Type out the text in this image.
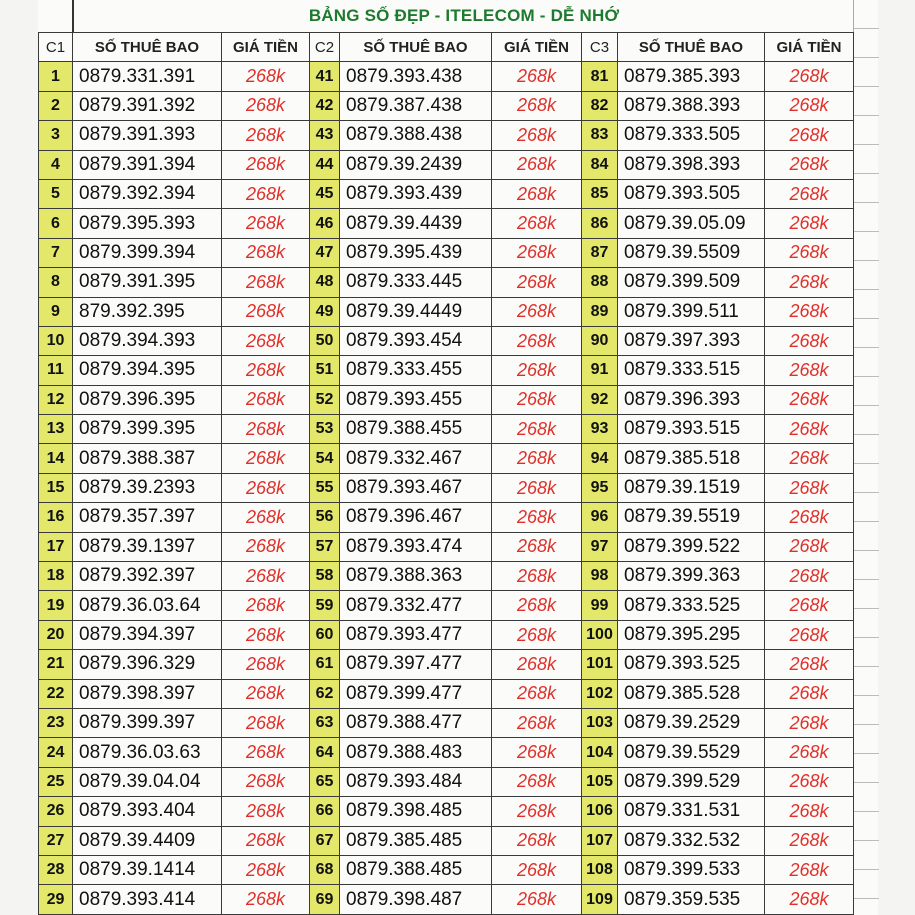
BẢNG SỐ ĐẸP - ITELECOM - DỄ NHỚ
C1	SỐ THUÊ BAO	GIÁ TIỀN	C2	SỐ THUÊ BAO	GIÁ TIỀN	C3	SỐ THUÊ BAO	GIÁ TIỀN
1	0879.331.391	268k	41	0879.393.438	268k	81	0879.385.393	268k
2	0879.391.392	268k	42	0879.387.438	268k	82	0879.388.393	268k
3	0879.391.393	268k	43	0879.388.438	268k	83	0879.333.505	268k
4	0879.391.394	268k	44	0879.39.2439	268k	84	0879.398.393	268k
5	0879.392.394	268k	45	0879.393.439	268k	85	0879.393.505	268k
6	0879.395.393	268k	46	0879.39.4439	268k	86	0879.39.05.09	268k
7	0879.399.394	268k	47	0879.395.439	268k	87	0879.39.5509	268k
8	0879.391.395	268k	48	0879.333.445	268k	88	0879.399.509	268k
9	879.392.395	268k	49	0879.39.4449	268k	89	0879.399.511	268k
10	0879.394.393	268k	50	0879.393.454	268k	90	0879.397.393	268k
11	0879.394.395	268k	51	0879.333.455	268k	91	0879.333.515	268k
12	0879.396.395	268k	52	0879.393.455	268k	92	0879.396.393	268k
13	0879.399.395	268k	53	0879.388.455	268k	93	0879.393.515	268k
14	0879.388.387	268k	54	0879.332.467	268k	94	0879.385.518	268k
15	0879.39.2393	268k	55	0879.393.467	268k	95	0879.39.1519	268k
16	0879.357.397	268k	56	0879.396.467	268k	96	0879.39.5519	268k
17	0879.39.1397	268k	57	0879.393.474	268k	97	0879.399.522	268k
18	0879.392.397	268k	58	0879.388.363	268k	98	0879.399.363	268k
19	0879.36.03.64	268k	59	0879.332.477	268k	99	0879.333.525	268k
20	0879.394.397	268k	60	0879.393.477	268k	100	0879.395.295	268k
21	0879.396.329	268k	61	0879.397.477	268k	101	0879.393.525	268k
22	0879.398.397	268k	62	0879.399.477	268k	102	0879.385.528	268k
23	0879.399.397	268k	63	0879.388.477	268k	103	0879.39.2529	268k
24	0879.36.03.63	268k	64	0879.388.483	268k	104	0879.39.5529	268k
25	0879.39.04.04	268k	65	0879.393.484	268k	105	0879.399.529	268k
26	0879.393.404	268k	66	0879.398.485	268k	106	0879.331.531	268k
27	0879.39.4409	268k	67	0879.385.485	268k	107	0879.332.532	268k
28	0879.39.1414	268k	68	0879.388.485	268k	108	0879.399.533	268k
29	0879.393.414	268k	69	0879.398.487	268k	109	0879.359.535	268k
